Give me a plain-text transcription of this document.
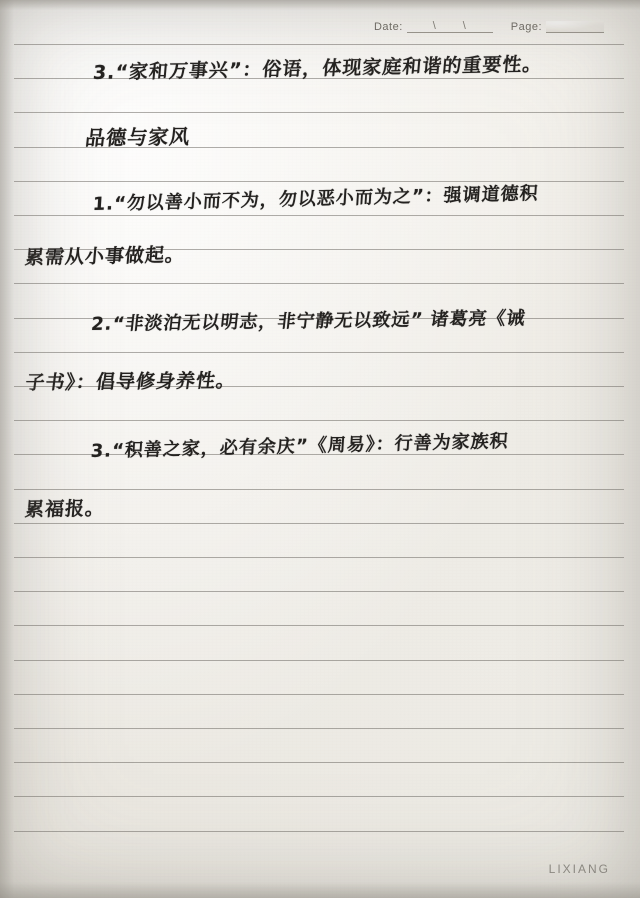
Date:	\ \	Page:
3.“家和万事兴”：俗语，体现家庭和谐的重要性。
品德与家风
1.“勿以善小而不为，勿以恶小而为之”：强调道德积
累需从小事做起。
2.“非淡泊无以明志，非宁静无以致远” 诸葛亮《诫
子书》：倡导修身养性。
3.“积善之家，必有余庆”《周易》：行善为家族积
累福报。
LIXIANG
